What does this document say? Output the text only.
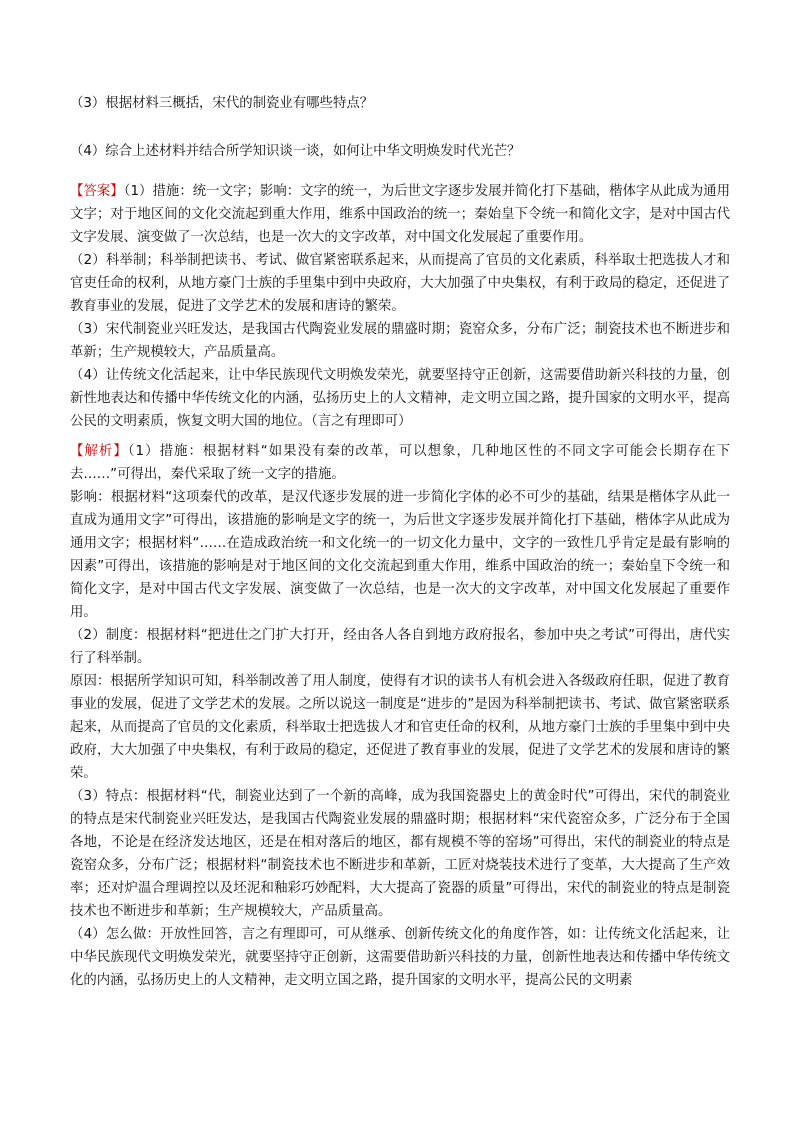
（3）根据材料三概括，宋代的制瓷业有哪些特点？
（4）综合上述材料并结合所学知识谈一谈，如何让中华文明焕发时代光芒？

【答案】（1）措施：统一文字；影响：文字的统一，为后世文字逐步发展并简化打下基础，楷体字从此成为通用文字；对于地区间的文化交流起到重大作用，维系中国政治的统一；秦始皇下令统一和简化文字，是对中国古代文字发展、演变做了一次总结，也是一次大的文字改革，对中国文化发展起了重要作用。

（2）科举制；科举制把读书、考试、做官紧密联系起来，从而提高了官员的文化素质，科举取士把选拔人才和官吏任命的权利，从地方豪门士族的手里集中到中央政府，大大加强了中央集权，有利于政局的稳定，还促进了教育事业的发展，促进了文学艺术的发展和唐诗的繁荣。

（3）宋代制瓷业兴旺发达，是我国古代陶瓷业发展的鼎盛时期；瓷窑众多，分布广泛；制瓷技术也不断进步和革新；生产规模较大，产品质量高。

（4）让传统文化活起来，让中华民族现代文明焕发荣光，就要坚持守正创新，这需要借助新兴科技的力量，创新性地表达和传播中华传统文化的内涵，弘扬历史上的人文精神，走文明立国之路，提升国家的文明水平，提高公民的文明素质，恢复文明大国的地位。（言之有理即可）

【解析】（1）措施：根据材料“如果没有秦的改革，可以想象，几种地区性的不同文字可能会长期存在下去……”可得出，秦代采取了统一文字的措施。

影响：根据材料“这项秦代的改革，是汉代逐步发展的进一步简化字体的必不可少的基础，结果是楷体字从此一直成为通用文字”可得出，该措施的影响是文字的统一，为后世文字逐步发展并简化打下基础，楷体字从此成为通用文字；根据材料“……在造成政治统一和文化统一的一切文化力量中，文字的一致性几乎肯定是最有影响的因素”可得出，该措施的影响是对于地区间的文化交流起到重大作用，维系中国政治的统一；秦始皇下令统一和简化文字，是对中国古代文字发展、演变做了一次总结，也是一次大的文字改革，对中国文化发展起了重要作用。

（2）制度：根据材料“把进仕之门扩大打开，经由各人各自到地方政府报名，参加中央之考试”可得出，唐代实行了科举制。

原因：根据所学知识可知，科举制改善了用人制度，使得有才识的读书人有机会进入各级政府任职，促进了教育事业的发展，促进了文学艺术的发展。之所以说这一制度是“进步的”是因为科举制把读书、考试、做官紧密联系起来，从而提高了官员的文化素质，科举取士把选拔人才和官吏任命的权利，从地方豪门士族的手里集中到中央政府，大大加强了中央集权，有利于政局的稳定，还促进了教育事业的发展，促进了文学艺术的发展和唐诗的繁荣。

（3）特点：根据材料“代，制瓷业达到了一个新的高峰，成为我国瓷器史上的黄金时代”可得出，宋代的制瓷业的特点是宋代制瓷业兴旺发达，是我国古代陶瓷业发展的鼎盛时期；根据材料“宋代瓷窑众多，广泛分布于全国各地，不论是在经济发达地区，还是在相对落后的地区，都有规模不等的窑场”可得出，宋代的制瓷业的特点是瓷窑众多，分布广泛；根据材料“制瓷技术也不断进步和革新，工匠对烧装技术进行了变革，大大提高了生产效率；还对炉温合理调控以及坯泥和釉彩巧妙配料，大大提高了瓷器的质量”可得出，宋代的制瓷业的特点是制瓷技术也不断进步和革新；生产规模较大，产品质量高。

（4）怎么做：开放性回答，言之有理即可，可从继承、创新传统文化的角度作答，如：让传统文化活起来，让中华民族现代文明焕发荣光，就要坚持守正创新，这需要借助新兴科技的力量，创新性地表达和传播中华传统文化的内涵，弘扬历史上的人文精神，走文明立国之路，提升国家的文明水平，提高公民的文明素
